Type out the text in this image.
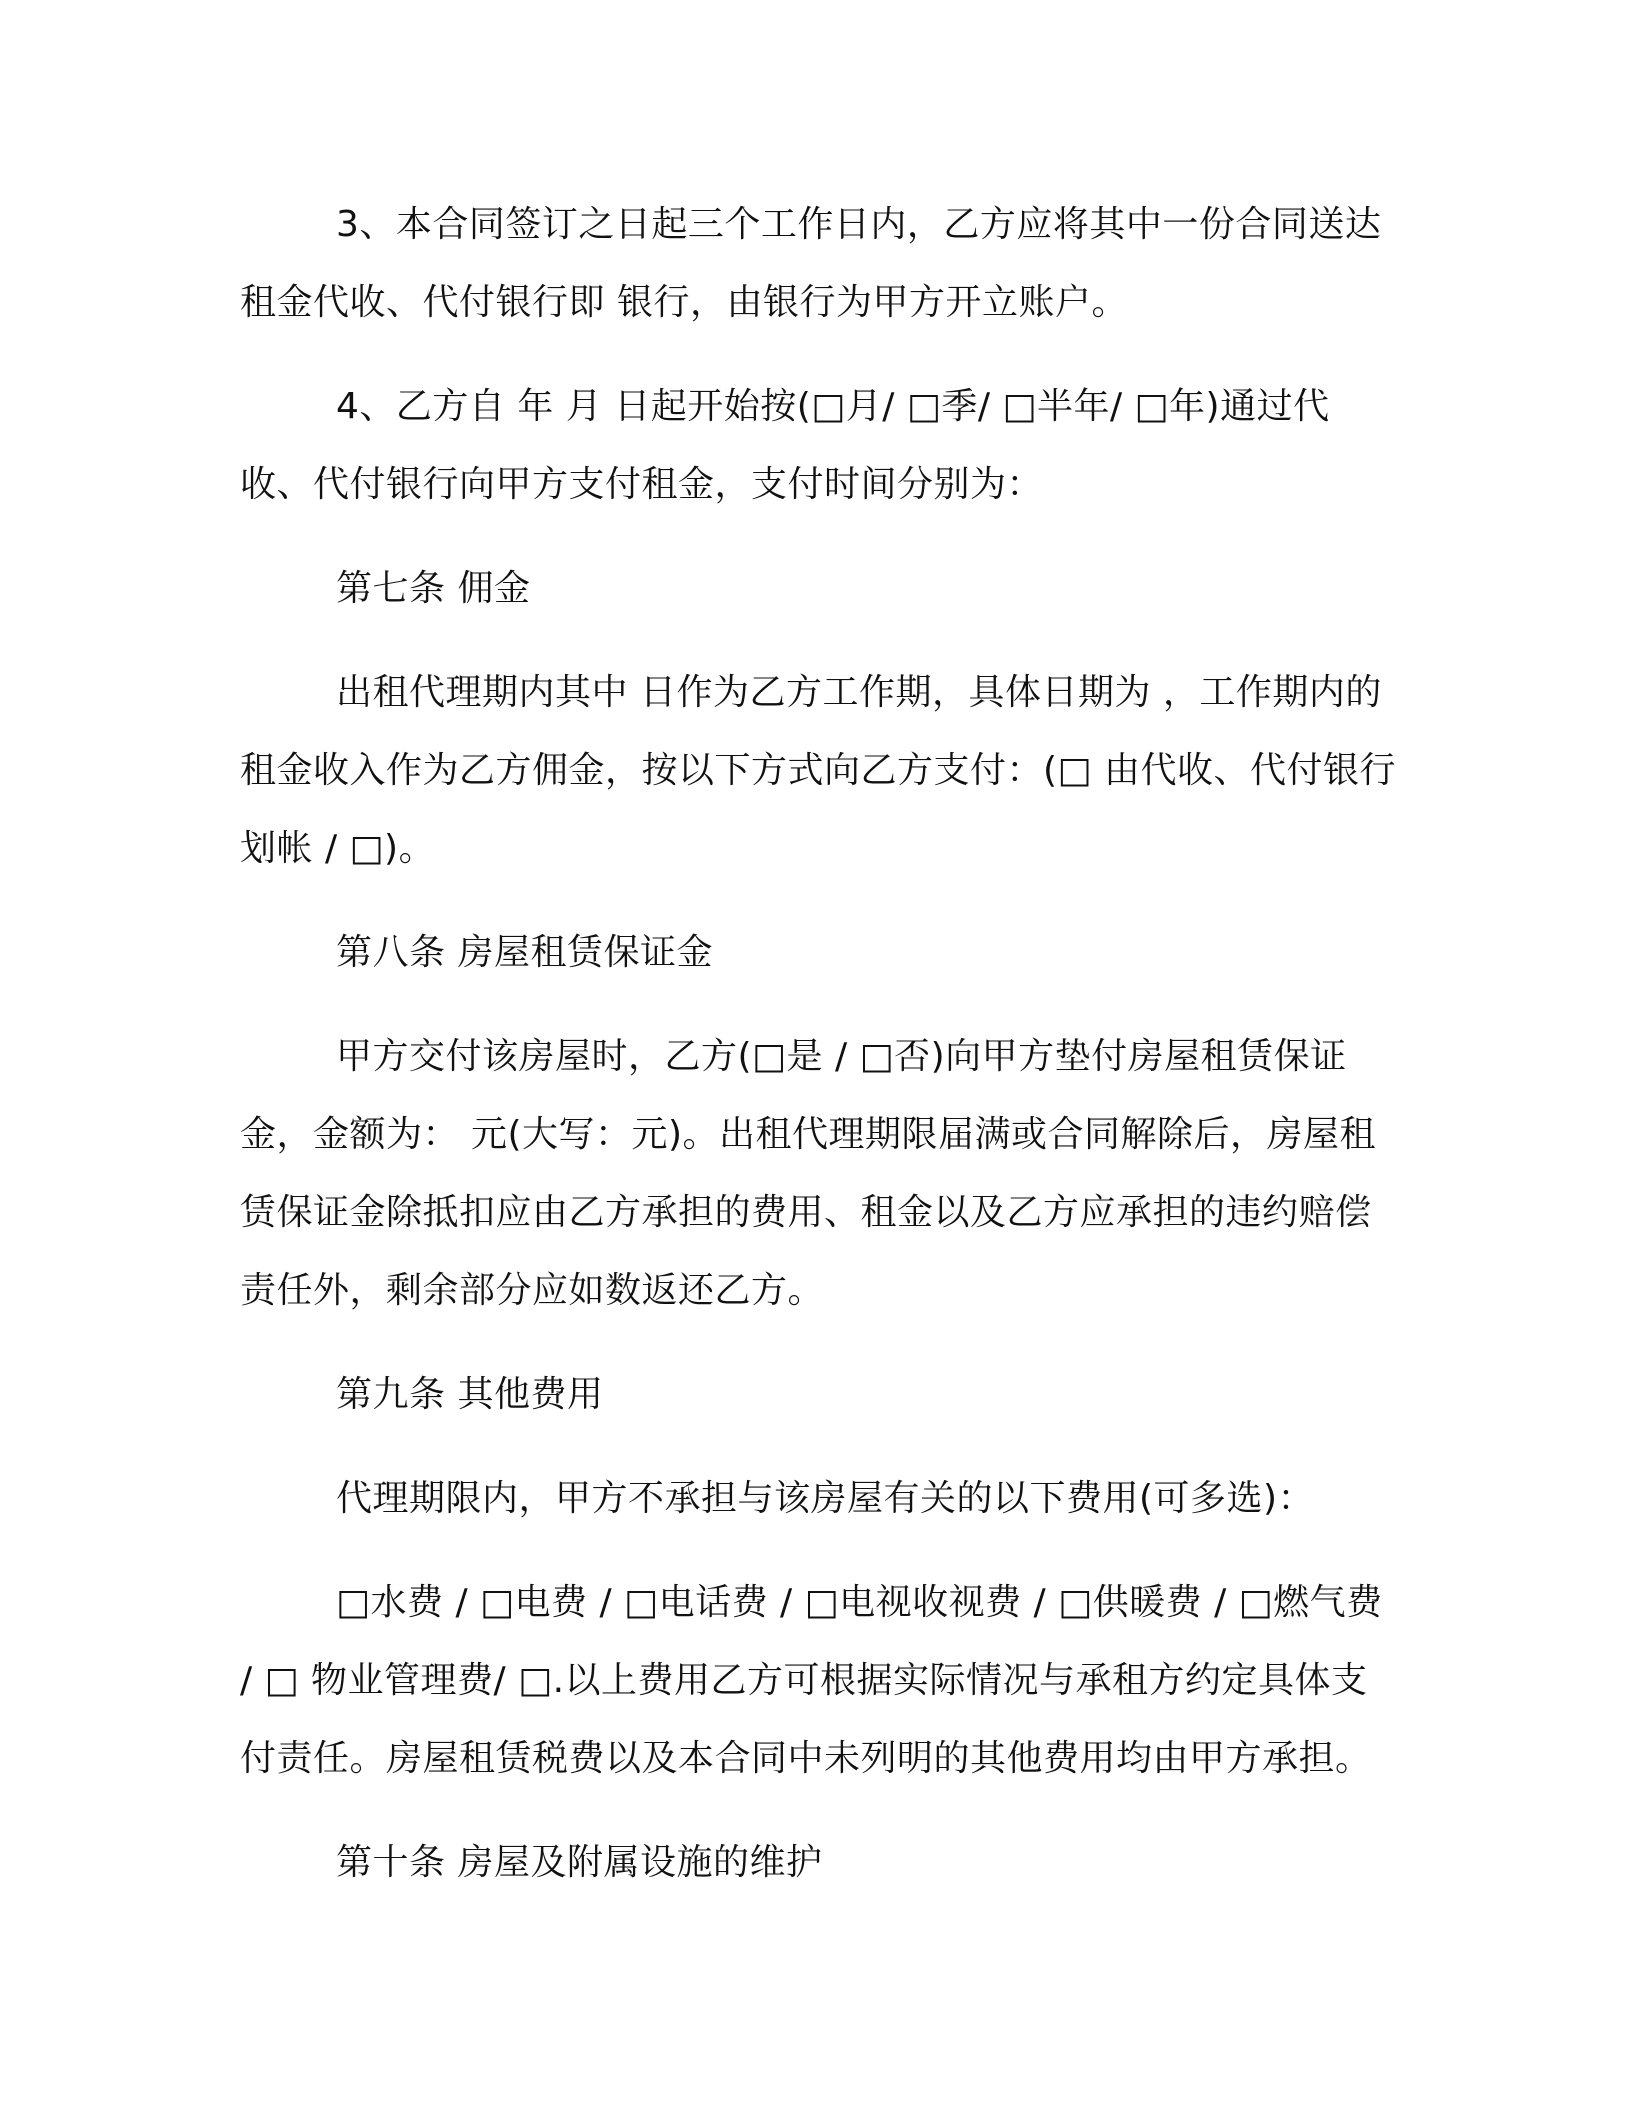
3、本合同签订之日起三个工作日内，乙方应将其中一份合同送达租金代收、代付银行即 银行，由银行为甲方开立账户。

4、乙方自 年 月 日起开始按(□月/ □季/ □半年/ □年)通过代收、代付银行向甲方支付租金，支付时间分别为：

第七条 佣金

出租代理期内其中 日作为乙方工作期，具体日期为 ，工作期内的租金收入作为乙方佣金，按以下方式向乙方支付：(□ 由代收、代付银行划帐 / □)。

第八条 房屋租赁保证金

甲方交付该房屋时，乙方(□是 / □否)向甲方垫付房屋租赁保证金，金额为： 元(大写：元)。出租代理期限届满或合同解除后，房屋租赁保证金除抵扣应由乙方承担的费用、租金以及乙方应承担的违约赔偿责任外，剩余部分应如数返还乙方。

第九条 其他费用

代理期限内，甲方不承担与该房屋有关的以下费用(可多选)：

□水费 / □电费 / □电话费 / □电视收视费 / □供暖费 / □燃气费 / □ 物业管理费/ □.以上费用乙方可根据实际情况与承租方约定具体支付责任。房屋租赁税费以及本合同中未列明的其他费用均由甲方承担。

第十条 房屋及附属设施的维护
